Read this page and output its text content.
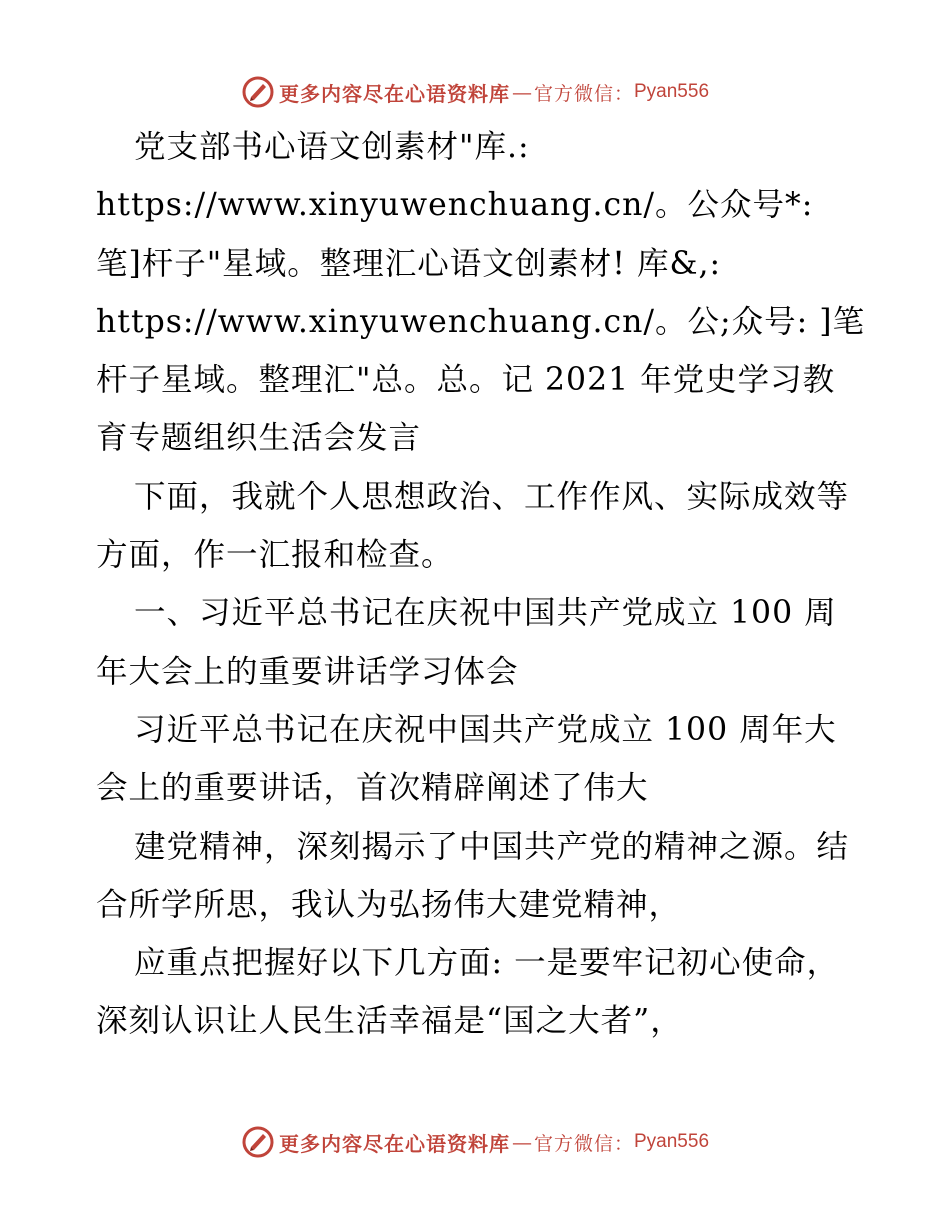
更多内容尽在心语资料库 — 官方微信： Pyan556

党支部书心语文创素材"库.: https://www.xinyuwenchuang.cn/。公众号*: 笔]杆子"星域。整理汇心语文创素材! 库&,: https://www.xinyuwenchuang.cn/。公;众号: ]笔杆子星域。整理汇"总。总。记 2021 年党史学习教育专题组织生活会发言

下面，我就个人思想政治、工作作风、实际成效等方面，作一汇报和检查。

一、习近平总书记在庆祝中国共产党成立 100 周年大会上的重要讲话学习体会

习近平总书记在庆祝中国共产党成立 100 周年大会上的重要讲话，首次精辟阐述了伟大

建党精神，深刻揭示了中国共产党的精神之源。结合所学所思，我认为弘扬伟大建党精神，

应重点把握好以下几方面: 一是要牢记初心使命，深刻认识让人民生活幸福是“国之大者”，

更多内容尽在心语资料库 — 官方微信： Pyan556
